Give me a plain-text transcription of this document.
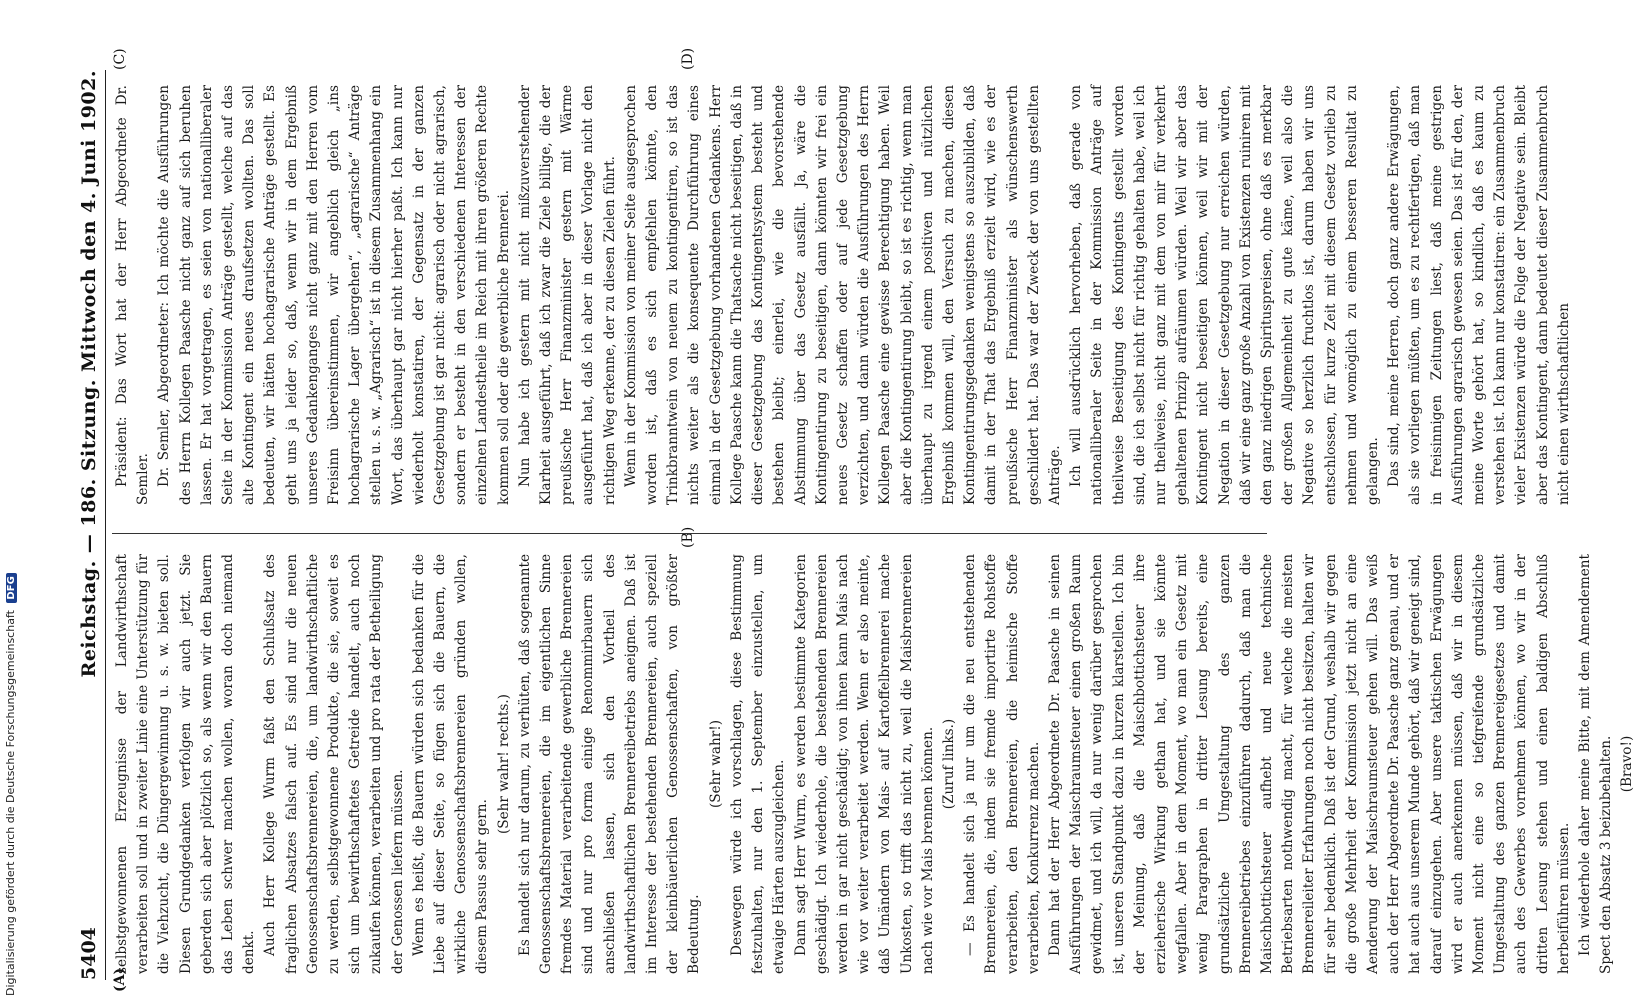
5404
Reichstag. — 186. Sitzung. Mittwoch den 4. Juni 1902.
(A)
(B)
(C)	(D)

selbstgewonnenen Erzeugnisse der Landwirthschaft verarbeiten soll und in zweiter Linie eine Unterstützung für die Viehzucht, die Düngergewinnung u. s. w. bieten soll. Diesen Grundgedanken verfolgen wir auch jetzt. Sie geberden sich aber plötzlich so, als wenn wir den Bauern das Leben schwer machen wollen, woran doch niemand denkt. Auch Herr Kollege Wurm faßt den Schlußsatz des fraglichen Absatzes falsch auf. Es sind nur die neuen Genossenschaftsbrennereien, die, um landwirthschaftliche zu werden, selbstgewonnene Produkte, die sie, soweit es sich um bewirthschaftetes Getreide handelt, auch noch zukaufen können, verarbeiten und pro rata der Betheiligung der Genossen liefern müssen. Wenn es heißt, die Bauern würden sich bedanken für die Liebe auf dieser Seite, so fügen sich die Bauern, die wirkliche Genossenschaftsbrennereien gründen wollen, diesem Passus sehr gern.

(Sehr wahr! rechts.) Es handelt sich nur darum, zu verhüten, daß sogenannte Genossenschaftsbrennereien, die im eigentlichen Sinne fremdes Material verarbeitende gewerbliche Brennereien sind und nur pro forma einige Renommirbauern sich anschließen lassen, sich den Vortheil des landwirthschaftlichen Brennereibetriebs aneignen. Daß ist im Interesse der bestehenden Brennereien, auch speziell der kleinbäuerlichen Genossenschaften, von größter Bedeutung.

(Sehr wahr!) Deswegen würde ich vorschlagen, diese Bestimmung festzuhalten, nur den 1. September einzustellen, um etwaige Härten auszugleichen. Dann sagt Herr Wurm, es werden bestimmte Kategorien geschädigt. Ich wiederhole, die bestehenden Brennereien werden in gar nicht geschädigt; von ihnen kann Mais nach wie vor weiter verarbeitet werden. Wenn er also meinte, daß Umändern von Mais- auf Kartoffelbrennerei mache Unkosten, so trifft das nicht zu, weil die Maisbrennereien nach wie vor Mais brennen können. (Zuruf links.) — Es handelt sich ja nur um die neu entstehenden Brennereien, die, indem sie fremde importirte Rohstoffe verarbeiten, den Brennereien, die heimische Stoffe verarbeiten, Konkurrenz machen. Dann hat der Herr Abgeordnete Dr. Paasche in seinen Ausführungen der Maischraumsteuer einen großen Raum gewidmet, und ich will, da nur wenig darüber gesprochen ist, unseren Standpunkt dazu in kurzen klarstellen. Ich bin der Meinung, daß die Maischbottichsteuer ihre erzieherische Wirkung gethan hat, und sie könnte wegfallen. Aber in dem Moment, wo man ein Gesetz mit wenig Paragraphen in dritter Lesung bereits, eine grundsätzliche Umgestaltung des ganzen Brennereibetriebes einzuführen dadurch, daß man die Maischbottichsteuer aufhebt und neue technische Betriebsarten nothwendig macht, für welche die meisten Brennereileiter Erfahrungen noch nicht besitzen, halten wir für sehr bedenklich. Daß ist der Grund, weshalb wir gegen die große Mehrheit der Kommission jetzt nicht an eine Aenderung der Maischraumsteuer gehen will. Das weiß auch der Herr Abgeordnete Dr. Paasche ganz genau, und er hat auch aus unserem Munde gehört, daß wir geneigt sind, darauf einzugehen. Aber unsere taktischen Erwägungen wird er auch anerkennen müssen, daß wir in diesem Moment nicht eine so tiefgreifende grundsätzliche Umgestaltung des ganzen Brennereigesetzes und damit auch des Gewerbes vornehmen können, wo wir in der dritten Lesung stehen und einen baldigen Abschluß herbeiführen müssen. Ich wiederhole daher meine Bitte, mit dem Amendement Spect den Absatz 3 beizubehalten. (Bravo!)

Präsident: Das Wort hat der Herr Abgeordnete Dr. Semler. Dr. Semler, Abgeordneter: Ich möchte die Ausführungen des Herrn Kollegen Paasche nicht ganz auf sich beruhen lassen. Er hat vorgetragen, es seien von nationalliberaler Seite in der Kommission Anträge gestellt, welche auf das alte Kontingent ein neues draufsetzen wollten. Das soll bedeuten, wir hätten hochagrarische Anträge gestellt. Es geht uns ja leider so, daß, wenn wir in dem Ergebniß unseres Gedankenganges nicht ganz mit den Herren vom Freisinn übereinstimmen, wir angeblich gleich „ins hochagrarische Lager übergehen“, „agrarische“ Anträge stellen u. s. w. „Agrarisch“ ist in diesem Zusammenhang ein Wort, das überhaupt gar nicht hierher paßt. Ich kann nur wiederholt konstatiren, der Gegensatz in der ganzen Gesetzgebung ist gar nicht: agrarisch oder nicht agrarisch, sondern er besteht in den verschiedenen Interessen der einzelnen Landestheile im Reich mit ihren größeren Rechte kommen soll oder die gewerbliche Brennerei. Nun habe ich gestern mit nicht mißzuverstehender Klarheit ausgeführt, daß ich zwar die Ziele billige, die der preußische Herr Finanzminister gestern mit Wärme ausgeführt hat, daß ich aber in dieser Vorlage nicht den richtigen Weg erkenne, der zu diesen Zielen führt. Wenn in der Kommission von meiner Seite ausgesprochen worden ist, daß es sich empfehlen könnte, den Trinkbranntwein von neuem zu kontingentiren, so ist das nichts weiter als die konsequente Durchführung eines einmal in der Gesetzgebung vorhandenen Gedankens. Herr Kollege Paasche kann die Thatsache nicht beseitigen, daß in dieser Gesetzgebung das Kontingentsystem besteht und bestehen bleibt; einerlei, wie die bevorstehende Abstimmung über das Gesetz ausfällt. Ja, wäre die Kontingentirung zu beseitigen, dann könnten wir frei ein neues Gesetz schaffen oder auf jede Gesetzgebung verzichten, und dann würden die Ausführungen des Herrn Kollegen Paasche eine gewisse Berechtigung haben. Weil aber die Kontingentirung bleibt, so ist es richtig, wenn man überhaupt zu irgend einem positiven und nützlichen Ergebniß kommen will, den Versuch zu machen, diesen Kontingentirungsgedanken wenigstens so auszubilden, daß damit in der That das Ergebniß erzielt wird, wie es der preußische Herr Finanzminister als wünschenswerth geschildert hat. Das war der Zweck der von uns gestellten Anträge. Ich will ausdrücklich hervorheben, daß gerade von nationalliberaler Seite in der Kommission Anträge auf theilweise Beseitigung des Kontingents gestellt worden sind, die ich selbst nicht für richtig gehalten habe, weil ich nur theilweise, nicht ganz mit dem von mir für verkehrt gehaltenen Prinzip aufräumen würden. Weil wir aber das Kontingent nicht beseitigen können, weil wir mit der Negation in dieser Gesetzgebung nur erreichen würden, daß wir eine ganz große Anzahl von Existenzen ruiniren mit den ganz niedrigen Spirituspreisen, ohne daß es merkbar der großen Allgemeinheit zu gute käme, weil also die Negative so herzlich fruchtlos ist, darum haben wir uns entschlossen, für kurze Zeit mit diesem Gesetz vorlieb zu nehmen und womöglich zu einem besseren Resultat zu gelangen. Das sind, meine Herren, doch ganz andere Erwägungen, als sie vorliegen müßten, um es zu rechtfertigen, daß man in freisinnigen Zeitungen liest, daß meine gestrigen Ausführungen agrarisch gewesen seien. Das ist für den, der meine Worte gehört hat, so kindlich, daß es kaum zu verstehen ist. Ich kann nur konstatiren: ein Zusammenbruch vieler Existenzen würde die Folge der Negative sein. Bleibt aber das Kontingent, dann bedeutet dieser Zusammenbruch nicht einen wirthschaftlichen

Digitalisierung gefördert durch die Deutsche Forschungsgemeinschaft DFG
